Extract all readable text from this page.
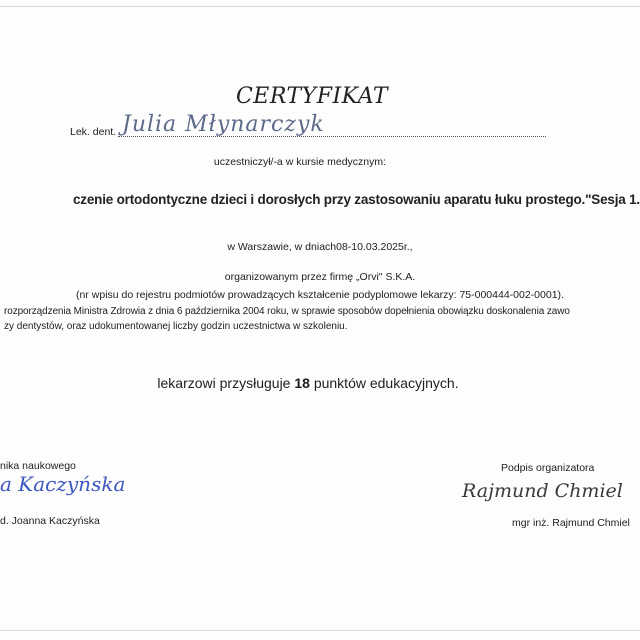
CERTYFIKAT
Lek. dent. Julia Młynarczyk
uczestniczył/-a w kursie medycznym:
czenie ortodontyczne dzieci i dorosłych przy zastosowaniu aparatu łuku prostego."Sesja 1.
w Warszawie, w dniach08-10.03.2025r.,
organizowanym przez firmę „Orvi" S.K.A.
(nr wpisu do rejestru podmiotów prowadzących kształcenie podyplomowe lekarzy: 75-000444-002-0001).
rozporządzenia Ministra Zdrowia z dnia 6 października 2004 roku, w sprawie sposobów dopełnienia obowiązku doskonalenia zawo
zy dentystów, oraz udokumentowanej liczby godzin uczestnictwa w szkoleniu.
lekarzowi przysługuje 18 punktów edukacyjnych.
nika naukowego
a Kaczyńska
d. Joanna Kaczyńska
Podpis organizatora
Rajmund Chmiel
mgr inż. Rajmund Chmiel
